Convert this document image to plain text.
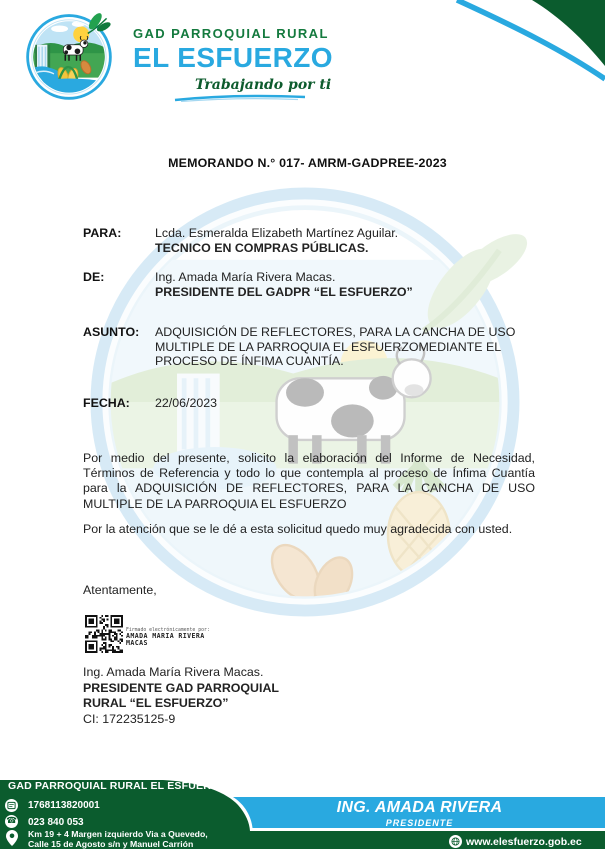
GAD PARROQUIAL RURAL
EL ESFUERZO
Trabajando por ti
MEMORANDO N.° 017- AMRM-GADPREE-2023
PARA:	Lcda. Esmeralda Elizabeth Martínez Aguilar.
TECNICO EN COMPRAS PÚBLICAS.
DE:	Ing. Amada María Rivera Macas.
PRESIDENTE DEL GADPR “EL ESFUERZO”
ASUNTO: ADQUISICIÓN DE REFLECTORES, PARA LA CANCHA DE USO
MULTIPLE DE LA PARROQUIA EL ESFUERZOMEDIANTE EL
PROCESO DE ÍNFIMA CUANTÍA.
FECHA: 22/06/2023
Por medio del presente, solicito la elaboración del Informe de Necesidad,
Términos de Referencia y todo lo que contempla al proceso de Ínfima Cuantía
para la ADQUISICIÓN DE REFLECTORES, PARA LA CANCHA DE USO
MULTIPLE DE LA PARROQUIA EL ESFUERZO
Por la atención que se le dé a esta solicitud quedo muy agradecida con usted.
Atentamente,
Firmado electrónicamente por:
AMADA MARIA RIVERA
MACAS
Ing. Amada María Rivera Macas.
PRESIDENTE GAD PARROQUIAL
RURAL “EL ESFUERZO”
CI: 172235125-9
GAD PARROQUIAL RURAL EL ESFUERZO
1768113820001
☎ 023 840 053
Km 19 + 4 Margen izquierdo Via a Quevedo,
Calle 15 de Agosto s/n y Manuel Carrión
ING. AMADA RIVERA
PRESIDENTE
www.elesfuerzo.gob.ec
